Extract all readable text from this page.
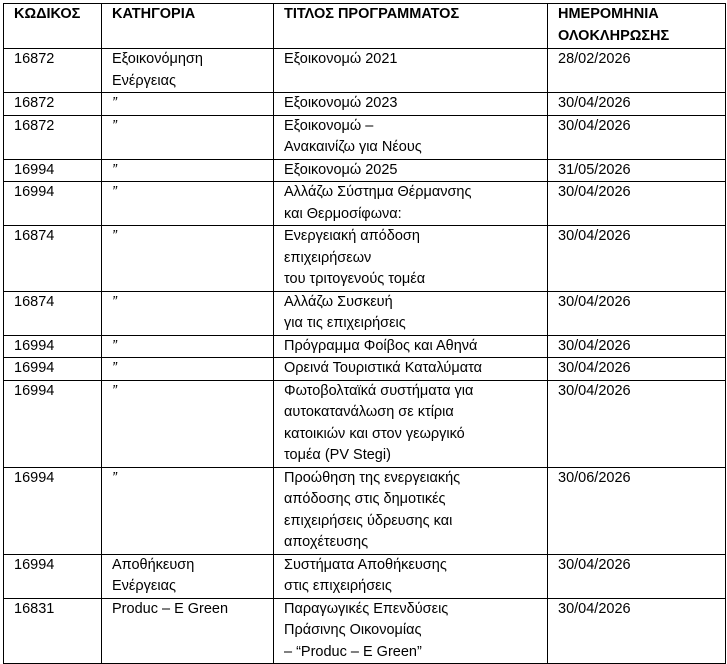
ΚΩΔΙΚΟΣ	ΚΑΤΗΓΟΡΙΑ	ΤΙΤΛΟΣ ΠΡΟΓΡΑΜΜΑΤΟΣ	ΗΜΕΡΟΜΗΝΙΑ
ΟΛΟΚΛΗΡΩΣΗΣ

16872	Εξοικονόμηση
Ενέργειας	Εξοικονομώ 2021	28/02/2026
16872	”	Εξοικονομώ 2023	30/04/2026
16872	”	Εξοικονομώ –
Ανακαινίζω για Νέους	30/04/2026
16994	”	Εξοικονομώ 2025	31/05/2026
16994	”	Αλλάζω Σύστημα Θέρμανσης
και Θερμοσίφωνα:	30/04/2026
16874	”	Ενεργειακή απόδοση
επιχειρήσεων
του τριτογενούς τομέα	30/04/2026
16874	”	Αλλάζω Συσκευή
για τις επιχειρήσεις	30/04/2026
16994	”	Πρόγραμμα Φοίβος και Αθηνά	30/04/2026
16994	”	Ορεινά Τουριστικά Καταλύματα	30/04/2026
16994	”	Φωτοβολταϊκά συστήματα για
αυτοκατανάλωση σε κτίρια
κατοικιών και στον γεωργικό
τομέα (PV Stegi)	30/04/2026
16994	”	Προώθηση της ενεργειακής
απόδοσης στις δημοτικές
επιχειρήσεις ύδρευσης και
αποχέτευσης	30/06/2026
16994	Αποθήκευση
Ενέργειας	Συστήματα Αποθήκευσης
στις επιχειρήσεις	30/04/2026
16831	Produc – E Green	Παραγωγικές Επενδύσεις
Πράσινης Οικονομίας
– “Produc – E Green”	30/04/2026
